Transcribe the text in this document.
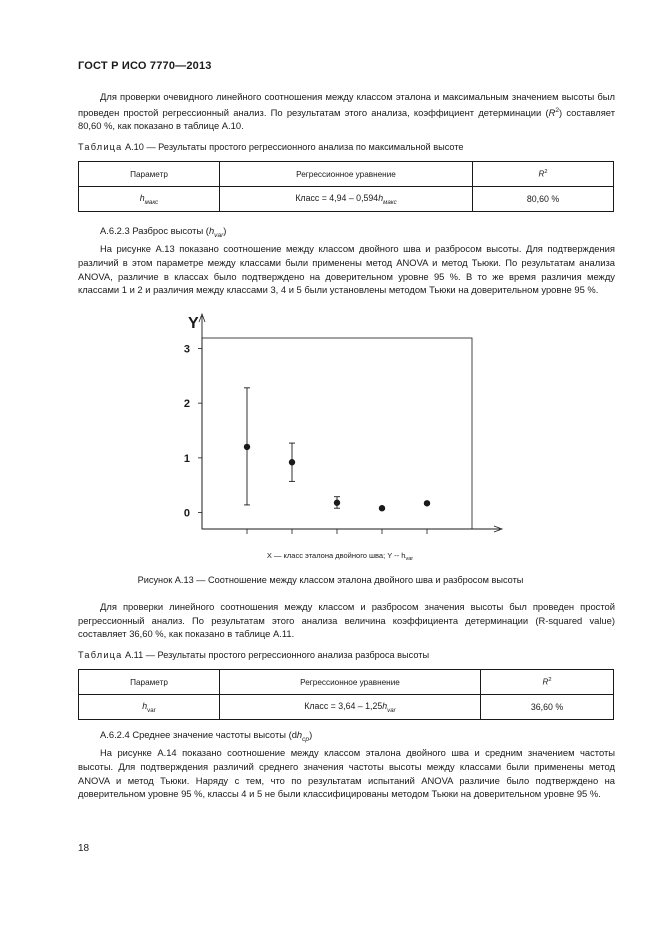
ГОСТ Р ИСО 7770—2013
Для проверки очевидного линейного соотношения между классом эталона и максимальным значением высоты был проведен простой регрессионный анализ. По результатам этого анализа, коэффициент детерминации $(R^2)$ составляет 80,60 %, как показано в таблице А.10.
Таблица А.10 — Результаты простого регрессионного анализа по максимальной высоте
Параметр	Регрессионное уравнение	$R^2$
$h_{макс}$	Класс = $4,94 - 0,594h_{макс}$	80,60 %
А.6.2.3 Разброс высоты $(h_{var})$
На рисунке А.13 показано соотношение между классом двойного шва и разбросом высоты. Для подтверждения различий в этом параметре между классами были применены метод ANOVA и метод Тьюки. По результатам анализа ANOVA, различие в классах было подтверждено на доверительном уровне 95 %. В то же время различия между классами 1 и 2 и различия между классами 3, 4 и 5 были установлены методом Тьюки на доверительном уровне 95 %.
0
1
2
3
Y
X — класс эталона двойного шва; Y -- $h_{var}$
Рисунок А.13 — Соотношение между классом эталона двойного шва и разбросом высоты
Для проверки линейного соотношения между классом и разбросом значения высоты был проведен простой регрессионный анализ. По результатам этого анализа величина коэффициента детерминации (R-squared value) составляет 36,60 %, как показано в таблице А.11.
Таблица А.11 — Результаты простого регрессионного анализа разброса высоты
Параметр	Регрессионное уравнение	$R^2$
$h_{var}$	Класс = $3,64 - 1,25h_{var}$	36,60 %
А.6.2.4 Среднее значение частоты высоты $(dh_{ср})$
На рисунке А.14 показано соотношение между классом эталона двойного шва и средним значением частоты высоты. Для подтверждения различий среднего значения частоты высоты между классами были применены метод ANOVA и метод Тьюки. Наряду с тем, что по результатам испытаний ANOVA различие было подтверждено на доверительном уровне 95 %, классы 4 и 5 не были классифицированы методом Тьюки на доверительном уровне 95 %.
18
